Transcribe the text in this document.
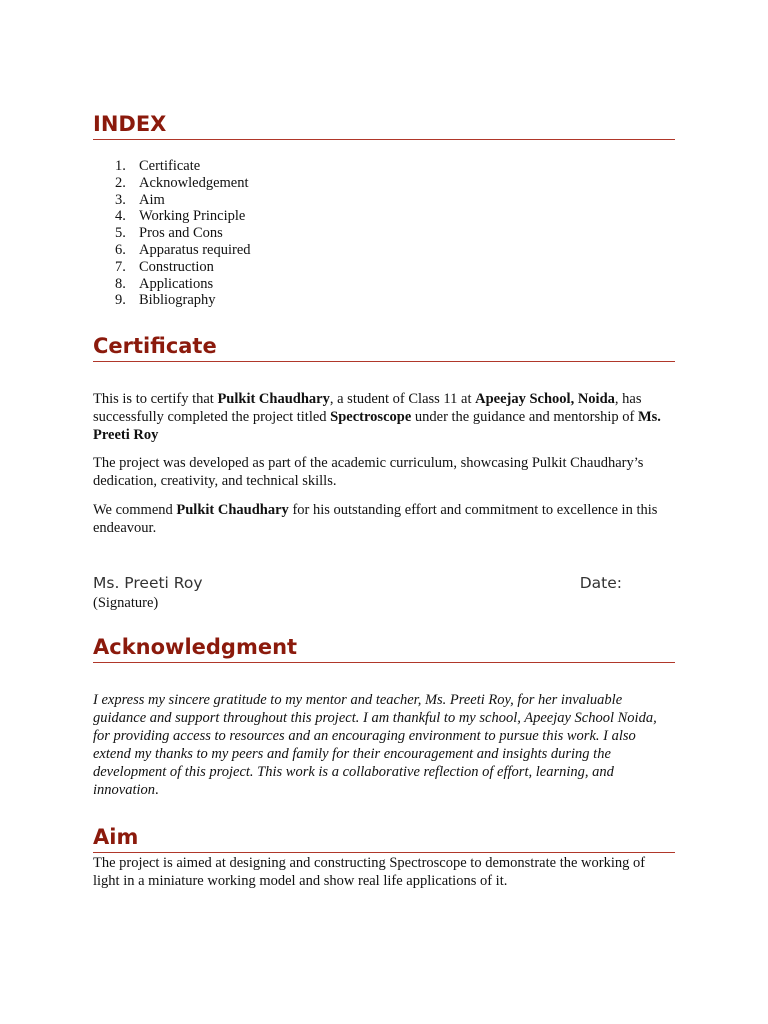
INDEX
1. Certificate
2. Acknowledgement
3. Aim
4. Working Principle
5. Pros and Cons
6. Apparatus required
7. Construction
8. Applications
9. Bibliography
Certificate

This is to certify that Pulkit Chaudhary, a student of Class 11 at Apeejay School, Noida, has successfully completed the project titled Spectroscope under the guidance and mentorship of Ms. Preeti Roy

The project was developed as part of the academic curriculum, showcasing Pulkit Chaudhary’s dedication, creativity, and technical skills.

We commend Pulkit Chaudhary for his outstanding effort and commitment to excellence in this endeavour.

Ms. Preeti Roy	Date:

(Signature)

Acknowledgment

I express my sincere gratitude to my mentor and teacher, Ms. Preeti Roy, for her invaluable guidance and support throughout this project. I am thankful to my school, Apeejay School Noida, for providing access to resources and an encouraging environment to pursue this work. I also extend my thanks to my peers and family for their encouragement and insights during the development of this project. This work is a collaborative reflection of effort, learning, and innovation.

Aim

The project is aimed at designing and constructing Spectroscope to demonstrate the working of light in a miniature working model and show real life applications of it.
